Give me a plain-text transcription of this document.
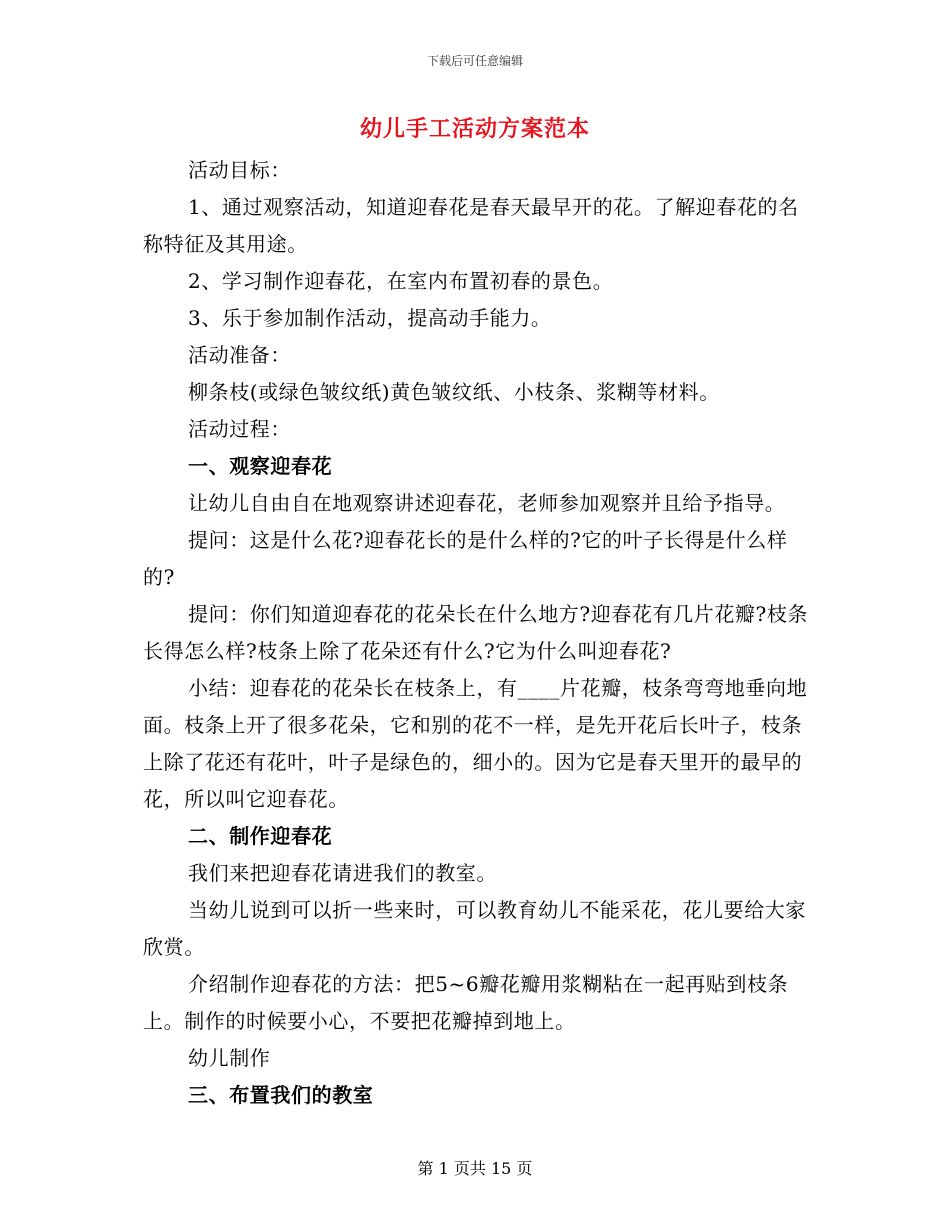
下载后可任意编辑
幼儿手工活动方案范本

活动目标：

1、通过观察活动，知道迎春花是春天最早开的花。了解迎春花的名称特征及其用途。

2、学习制作迎春花，在室内布置初春的景色。

3、乐于参加制作活动，提高动手能力。

活动准备：

柳条枝(或绿色皱纹纸)黄色皱纹纸、小枝条、浆糊等材料。

活动过程：

一、观察迎春花

让幼儿自由自在地观察讲述迎春花，老师参加观察并且给予指导。

提问：这是什么花?迎春花长的是什么样的?它的叶子长得是什么样的?

提问：你们知道迎春花的花朵长在什么地方?迎春花有几片花瓣?枝条长得怎么样?枝条上除了花朵还有什么?它为什么叫迎春花?

小结：迎春花的花朵长在枝条上，有____片花瓣，枝条弯弯地垂向地面。枝条上开了很多花朵，它和别的花不一样，是先开花后长叶子，枝条上除了花还有花叶，叶子是绿色的，细小的。因为它是春天里开的最早的花，所以叫它迎春花。

二、制作迎春花

我们来把迎春花请进我们的教室。

当幼儿说到可以折一些来时，可以教育幼儿不能采花，花儿要给大家欣赏。

介绍制作迎春花的方法：把5~6瓣花瓣用浆糊粘在一起再贴到枝条上。制作的时候要小心，不要把花瓣掉到地上。

幼儿制作

三、布置我们的教室

第 1 页共 15 页
